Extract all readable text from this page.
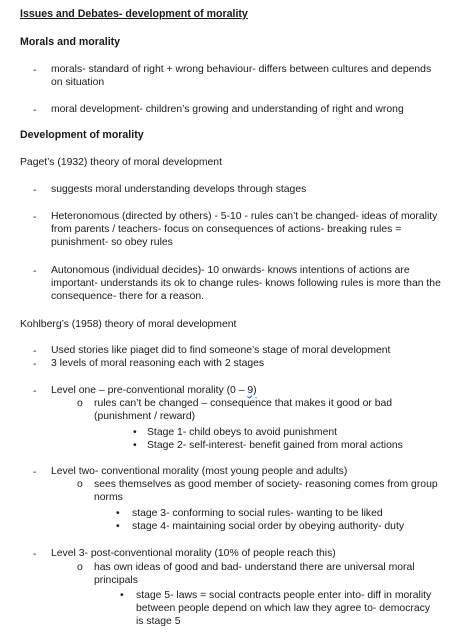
Issues and Debates- development of morality
Morals and morality
- morals- standard of right + wrong behaviour- differs between cultures and depends on situation
- moral development- children’s growing and understanding of right and wrong
Development of morality
Paget’s (1932) theory of moral development
- suggests moral understanding develops through stages
- Heteronomous (directed by others) - 5-10 - rules can’t be changed- ideas of morality from parents / teachers- focus on consequences of actions- breaking rules = punishment- so obey rules
- Autonomous (individual decides)- 10 onwards- knows intentions of actions are important- understands its ok to change rules- knows following rules is more than the consequence- there for a reason.
Kohlberg’s (1958) theory of moral development
- Used stories like piaget did to find someone’s stage of moral development
- 3 levels of moral reasoning each with 2 stages
- Level one – pre-conventional morality (0 – 9)
o rules can’t be changed – consequence that makes it good or bad (punishment / reward)
• Stage 1- child obeys to avoid punishment
• Stage 2- self-interest- benefit gained from moral actions
- Level two- conventional morality (most young people and adults)
o sees themselves as good member of society- reasoning comes from group norms
• stage 3- conforming to social rules- wanting to be liked
• stage 4- maintaining social order by obeying authority- duty
- Level 3- post-conventional morality (10% of people reach this)
o has own ideas of good and bad- understand there are universal moral principals
• stage 5- laws = social contracts people enter into- diff in morality between people depend on which law they agree to- democracy is stage 5
